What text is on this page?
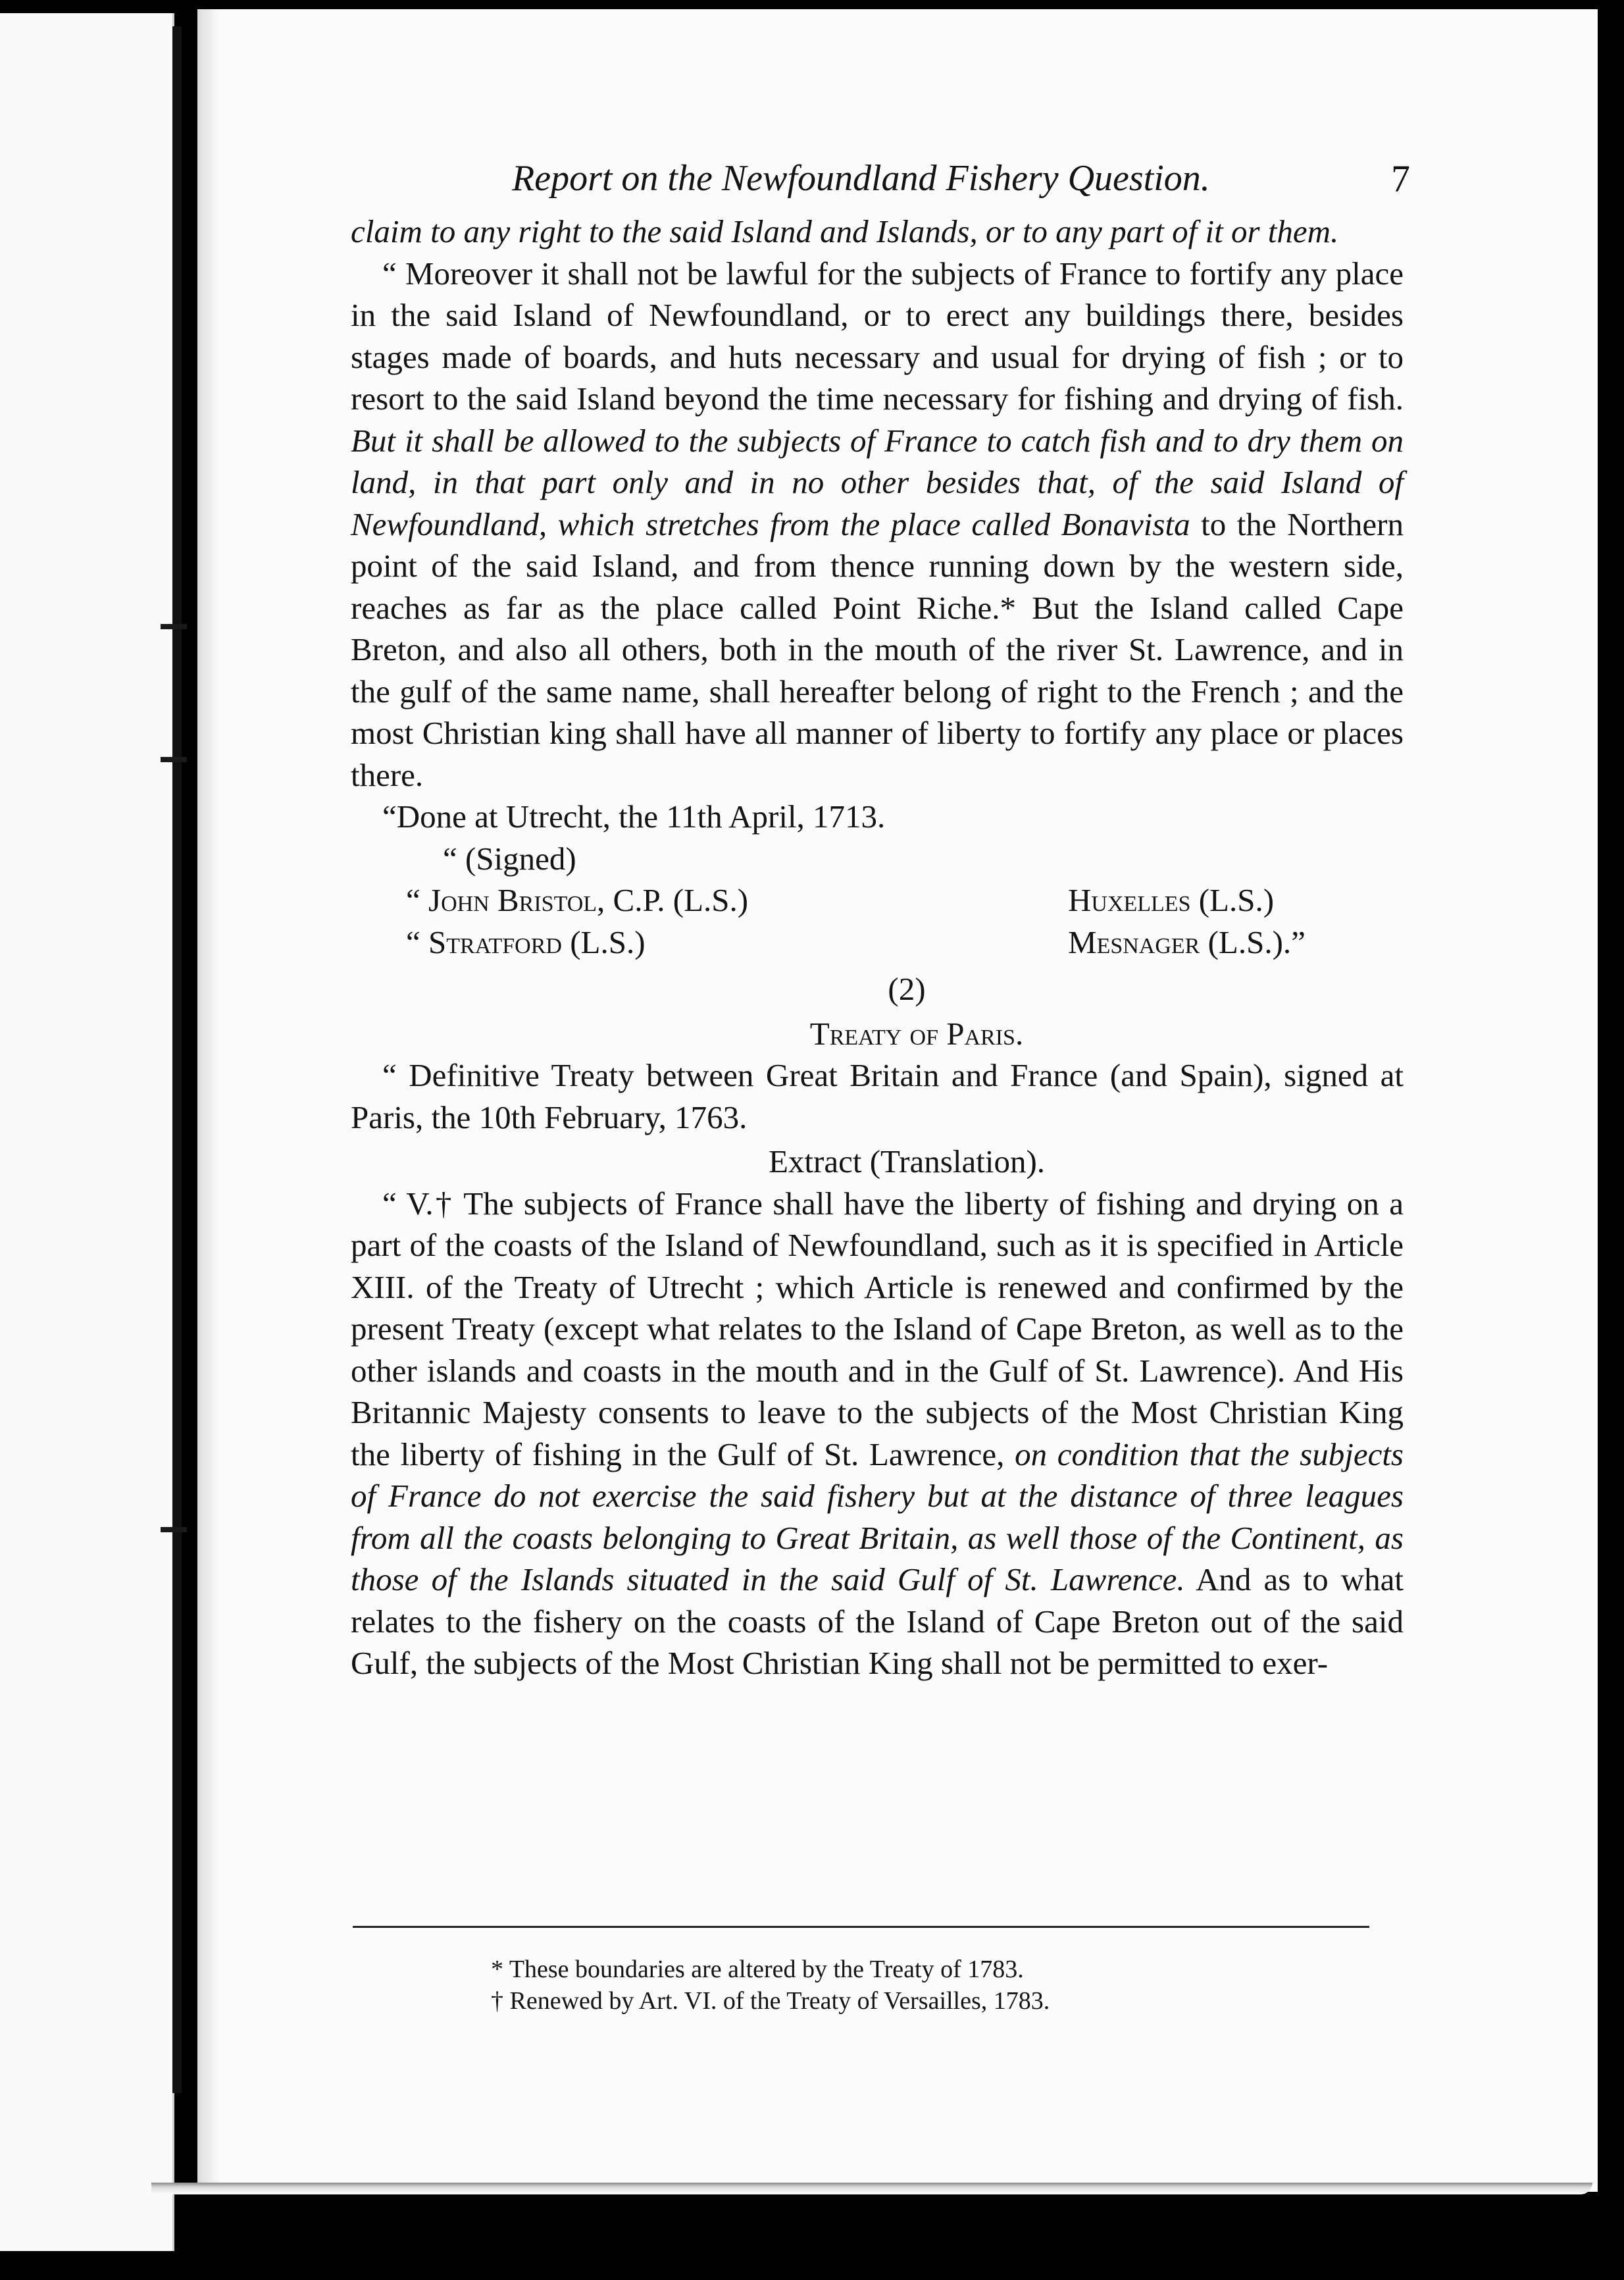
Report on the Newfoundland Fishery Question.	7

claim to any right to the said Island and Islands, or to any part of it or them.

“ Moreover it shall not be lawful for the subjects of France to fortify any place in the said Island of Newfoundland, or to erect any buildings there, besides stages made of boards, and huts necessary and usual for drying of fish ; or to resort to the said Island beyond the time necessary for fishing and drying of fish. But it shall be allowed to the subjects of France to catch fish and to dry them on land, in that part only and in no other besides that, of the said Island of Newfoundland, which stretches from the place called Bonavista to the Northern point of the said Island, and from thence running down by the western side, reaches as far as the place called Point Riche.* But the Island called Cape Breton, and also all others, both in the mouth of the river St. Lawrence, and in the gulf of the same name, shall hereafter belong of right to the French ; and the most Christian king shall have all manner of liberty to fortify any place or places there.

“Done at Utrecht, the 11th April, 1713.

“ (Signed)

“ John Bristol, C.P. (L.S.)	Huxelles (L.S.)
“ Stratford (L.S.)	Mesnager (L.S.).”

(2)

Treaty of Paris.

“ Definitive Treaty between Great Britain and France (and Spain), signed at Paris, the 10th February, 1763.

Extract (Translation).

“ V.† The subjects of France shall have the liberty of fishing and drying on a part of the coasts of the Island of Newfoundland, such as it is specified in Article XIII. of the Treaty of Utrecht ; which Article is renewed and confirmed by the present Treaty (except what relates to the Island of Cape Breton, as well as to the other islands and coasts in the mouth and in the Gulf of St. Lawrence). And His Britannic Majesty consents to leave to the subjects of the Most Christian King the liberty of fishing in the Gulf of St. Lawrence, on condition that the subjects of France do not exercise the said fishery but at the distance of three leagues from all the coasts belonging to Great Britain, as well those of the Continent, as those of the Islands situated in the said Gulf of St. Lawrence. And as to what relates to the fishery on the coasts of the Island of Cape Breton out of the said Gulf, the subjects of the Most Christian King shall not be permitted to exer-

* These boundaries are altered by the Treaty of 1783.

† Renewed by Art. VI. of the Treaty of Versailles, 1783.
